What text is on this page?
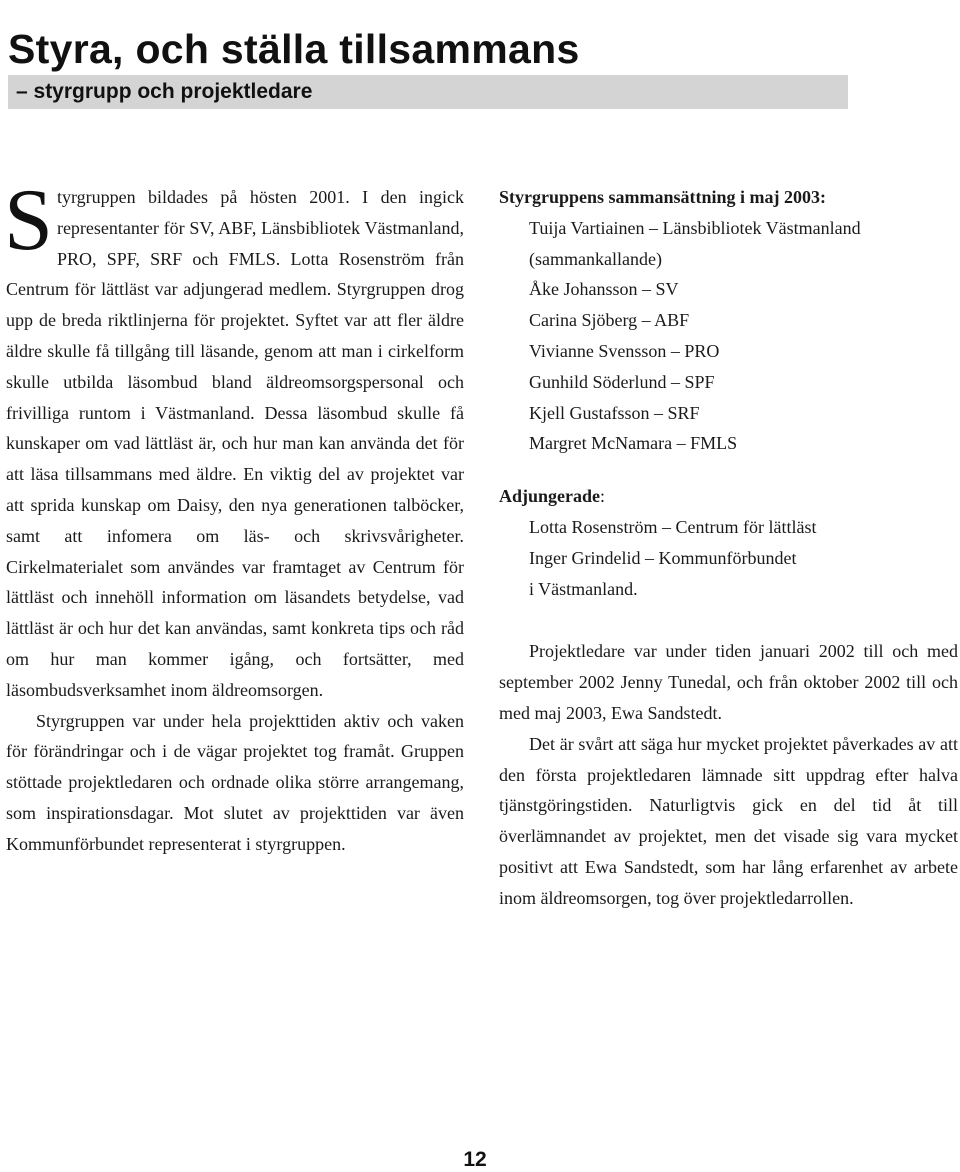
Styra, och ställa tillsammans
– styrgrupp och projektledare

Styrgruppen bildades på hösten 2001. I den ingick representanter för SV, ABF, Länsbibliotek Västmanland, PRO, SPF, SRF och FMLS. Lotta Rosenström från Centrum för lättläst var adjungerad medlem. Styrgruppen drog upp de breda riktlinjerna för projektet. Syftet var att fler äldre äldre skulle få tillgång till läsande, genom att man i cirkelform skulle utbilda läsombud bland äldreomsorgspersonal och frivilliga runtom i Västmanland. Dessa läsombud skulle få kunskaper om vad lättläst är, och hur man kan använda det för att läsa tillsammans med äldre. En viktig del av projektet var att sprida kunskap om Daisy, den nya generationen talböcker, samt att infomera om läs- och skrivsvårigheter. Cirkelmaterialet som användes var framtaget av Centrum för lättläst och innehöll information om läsandets betydelse, vad lättläst är och hur det kan användas, samt konkreta tips och råd om hur man kommer igång, och fortsätter, med läsombudsverksamhet inom äldreomsorgen.

Styrgruppen var under hela projekttiden aktiv och vaken för förändringar och i de vägar projektet tog framåt. Gruppen stöttade projektledaren och ordnade olika större arrangemang, som inspirationsdagar. Mot slutet av projekttiden var även Kommunförbundet representerat i styrgruppen.

Styrgruppens sammansättning i maj 2003:

Tuija Vartiainen – Länsbibliotek Västmanland
(sammankallande)
Åke Johansson – SV
Carina Sjöberg – ABF
Vivianne Svensson – PRO
Gunhild Söderlund – SPF
Kjell Gustafsson – SRF
Margret McNamara – FMLS

Adjungerade:

Lotta Rosenström – Centrum för lättläst
Inger Grindelid – Kommunförbundet
i Västmanland.

Projektledare var under tiden januari 2002 till och med september 2002 Jenny Tunedal, och från oktober 2002 till och med maj 2003, Ewa Sandstedt.

Det är svårt att säga hur mycket projektet påverkades av att den första projektledaren lämnade sitt uppdrag efter halva tjänstgöringstiden. Naturligtvis gick en del tid åt till överlämnandet av projektet, men det visade sig vara mycket positivt att Ewa Sandstedt, som har lång erfarenhet av arbete inom äldreomsorgen, tog över projektledarrollen.

12
